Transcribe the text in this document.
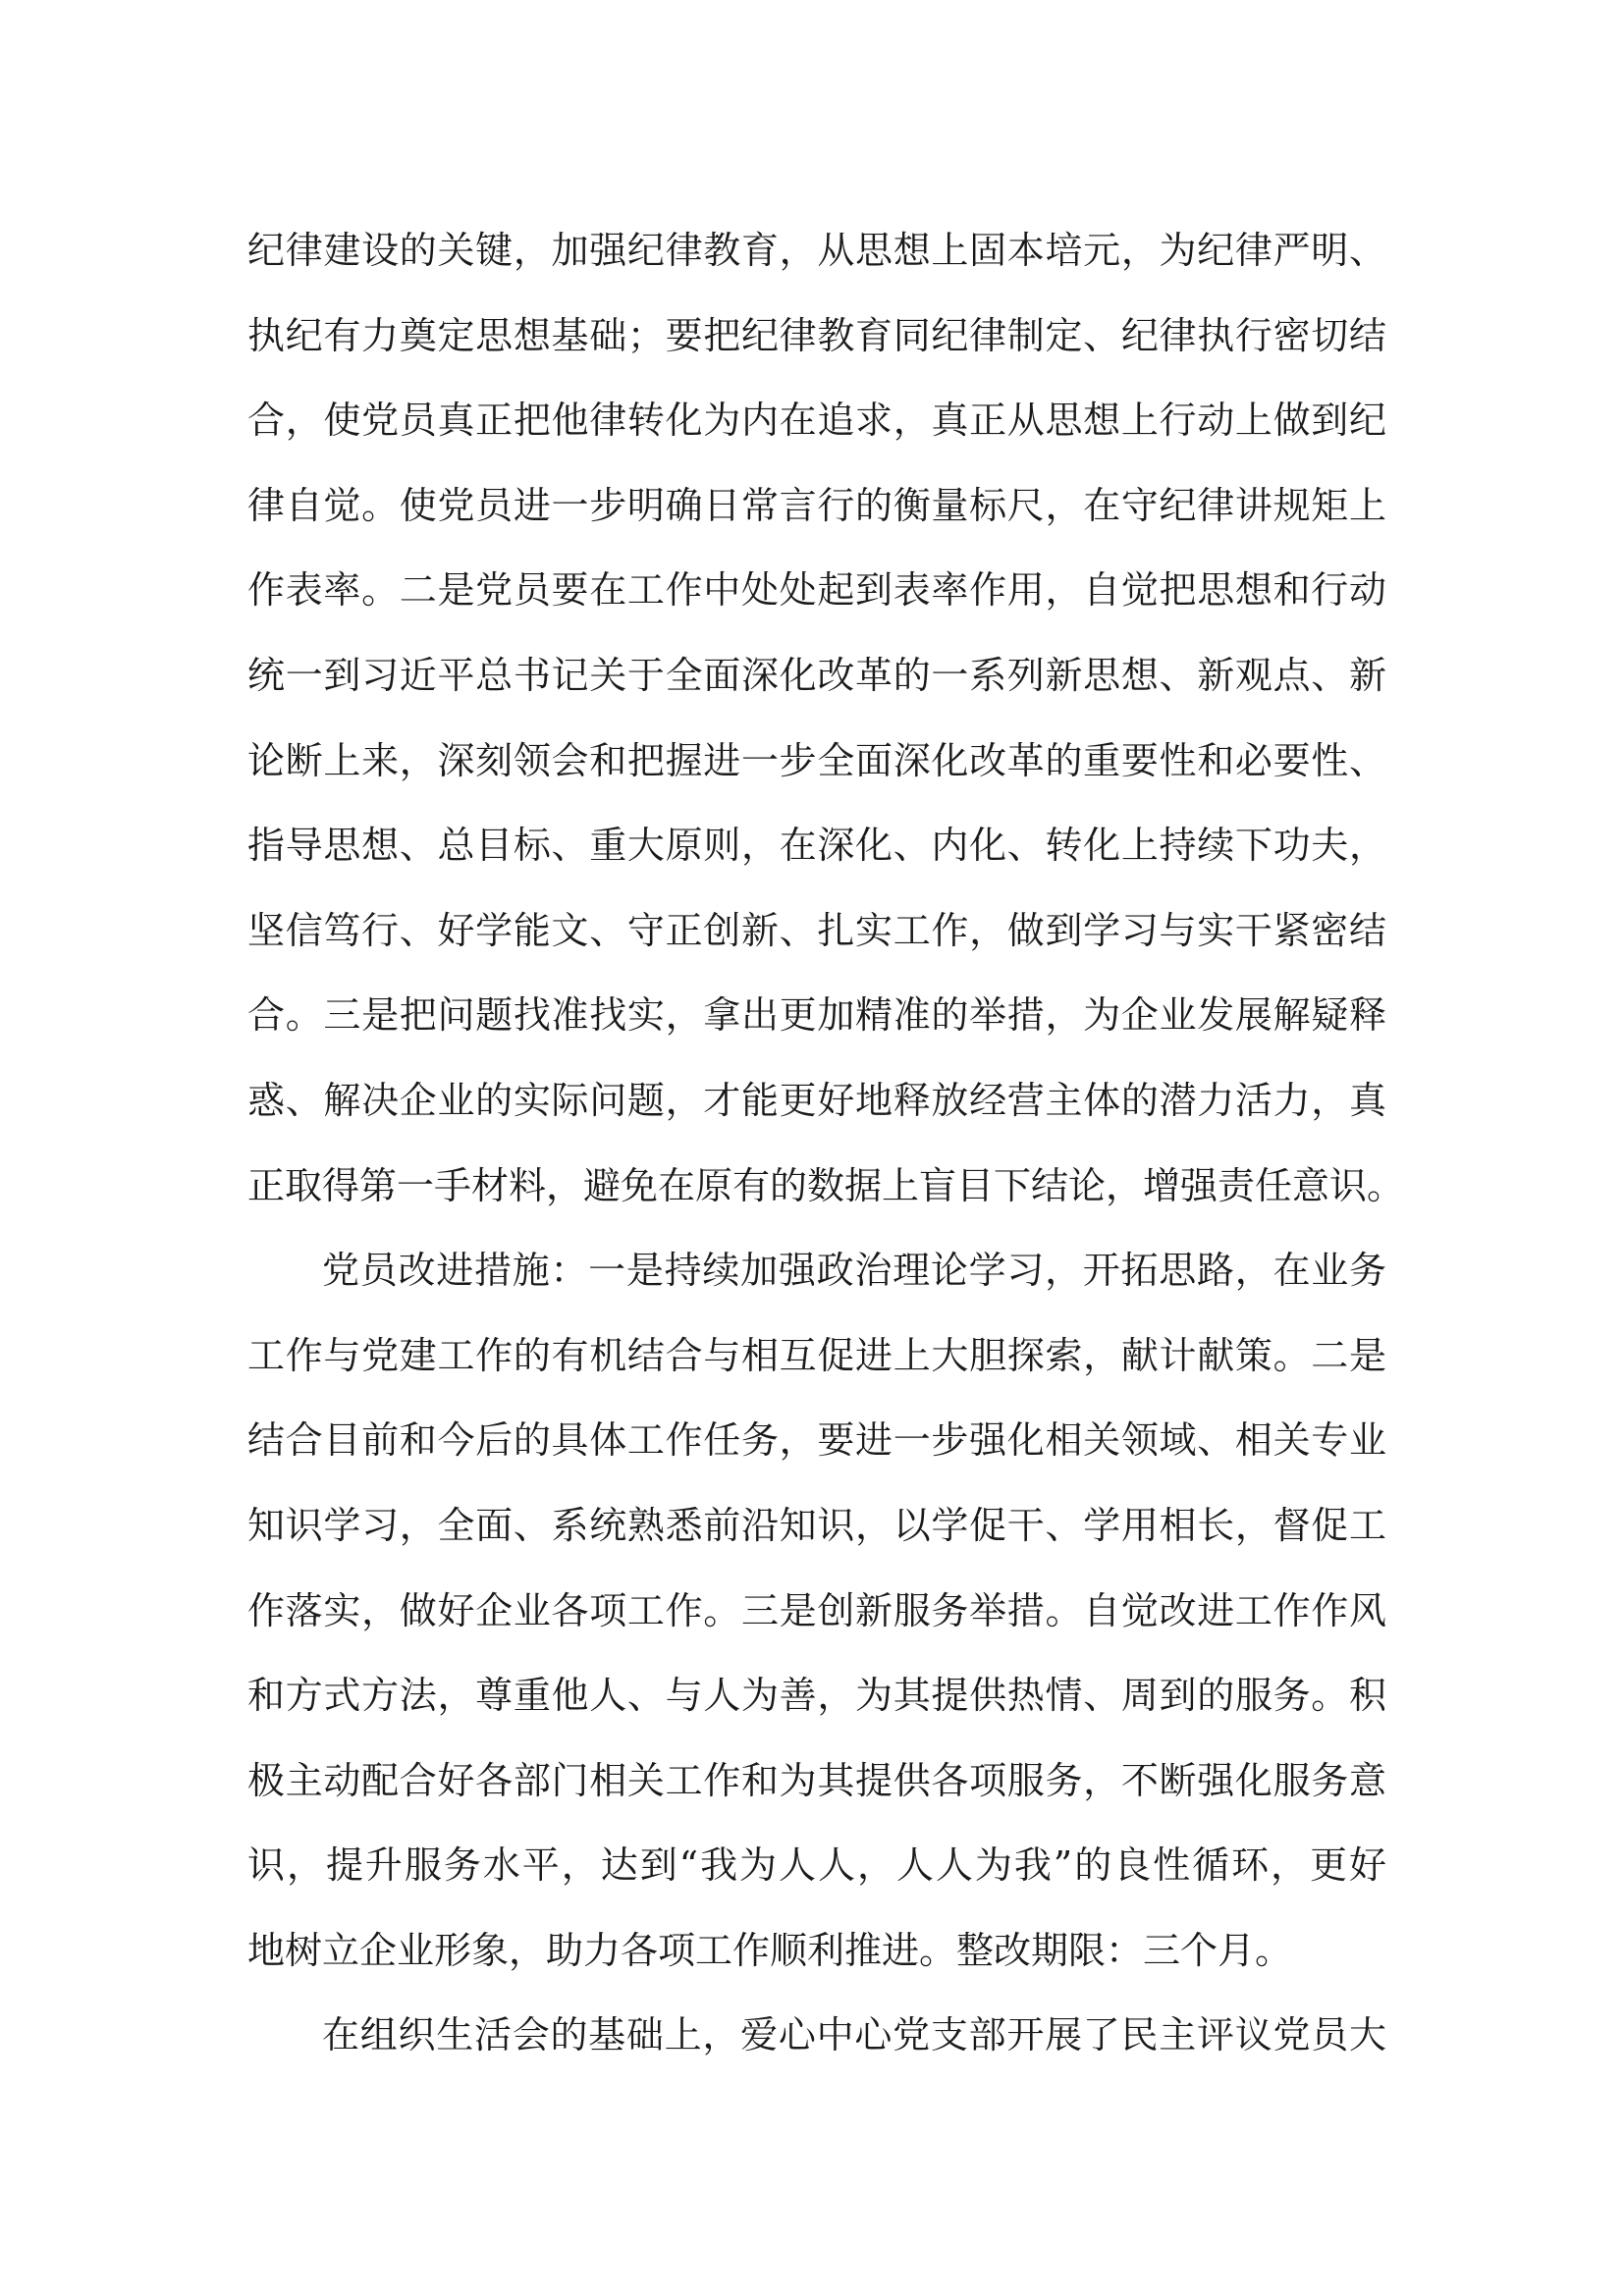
纪律建设的关键，加强纪律教育，从思想上固本培元，为纪律严明、
执纪有力奠定思想基础；要把纪律教育同纪律制定、纪律执行密切结
合，使党员真正把他律转化为内在追求，真正从思想上行动上做到纪
律自觉。使党员进一步明确日常言行的衡量标尺，在守纪律讲规矩上
作表率。二是党员要在工作中处处起到表率作用，自觉把思想和行动
统一到习近平总书记关于全面深化改革的一系列新思想、新观点、新
论断上来，深刻领会和把握进一步全面深化改革的重要性和必要性、
指导思想、总目标、重大原则，在深化、内化、转化上持续下功夫，
坚信笃行、好学能文、守正创新、扎实工作，做到学习与实干紧密结
合。三是把问题找准找实，拿出更加精准的举措，为企业发展解疑释
惑、解决企业的实际问题，才能更好地释放经营主体的潜力活力，真
正取得第一手材料，避免在原有的数据上盲目下结论，增强责任意识。
党员改进措施：一是持续加强政治理论学习，开拓思路，在业务
工作与党建工作的有机结合与相互促进上大胆探索，献计献策。二是
结合目前和今后的具体工作任务，要进一步强化相关领域、相关专业
知识学习，全面、系统熟悉前沿知识，以学促干、学用相长，督促工
作落实，做好企业各项工作。三是创新服务举措。自觉改进工作作风
和方式方法，尊重他人、与人为善，为其提供热情、周到的服务。积
极主动配合好各部门相关工作和为其提供各项服务，不断强化服务意
识，提升服务水平，达到“我为人人，人人为我”的良性循环，更好
地树立企业形象，助力各项工作顺利推进。整改期限：三个月。
在组织生活会的基础上，爱心中心党支部开展了民主评议党员大
